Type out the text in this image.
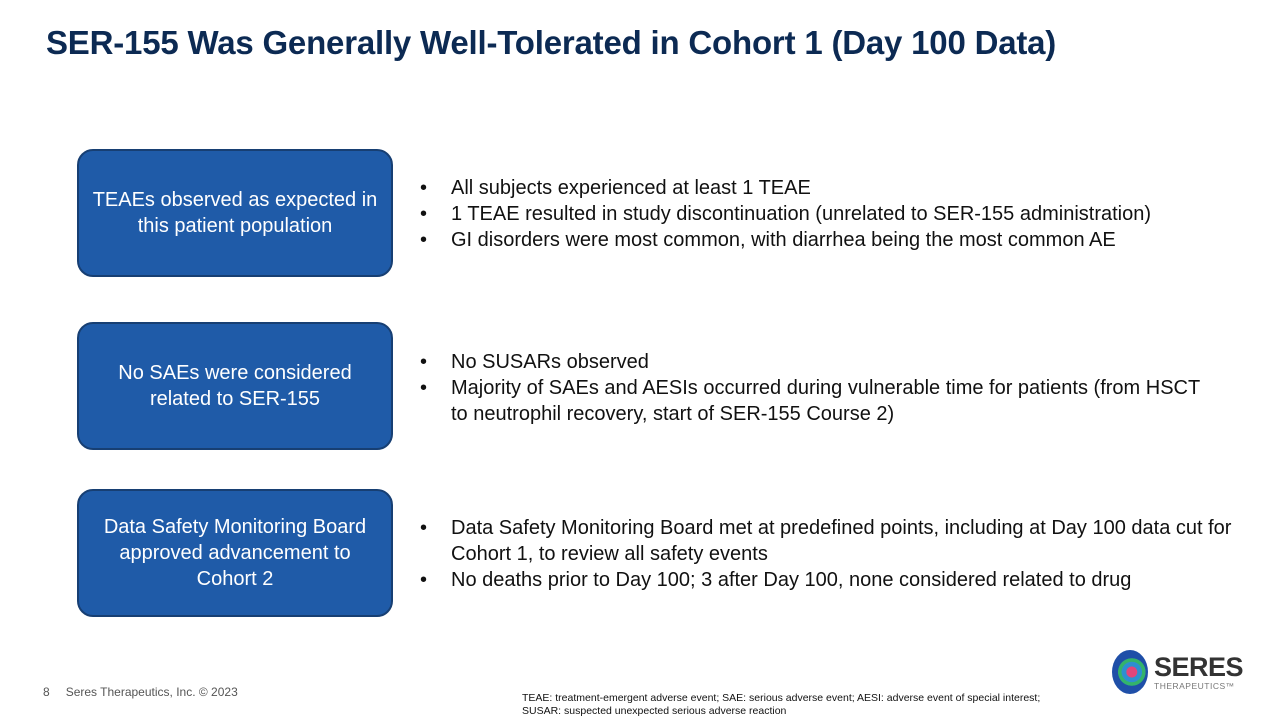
SER-155 Was Generally Well-Tolerated in Cohort 1 (Day 100 Data)
TEAEs observed as expected in this patient population
• All subjects experienced at least 1 TEAE
• 1 TEAE resulted in study discontinuation (unrelated to SER-155 administration)
• GI disorders were most common, with diarrhea being the most common AE
No SAEs were considered related to SER-155
• No SUSARs observed
• Majority of SAEs and AESIs occurred during vulnerable time for patients (from HSCT to neutrophil recovery, start of SER-155 Course 2)
Data Safety Monitoring Board approved advancement to Cohort 2
• Data Safety Monitoring Board met at predefined points, including at Day 100 data cut for Cohort 1, to review all safety events
• No deaths prior to Day 100; 3 after Day 100, none considered related to drug
8 Seres Therapeutics, Inc. © 2023	TEAE: treatment-emergent adverse event; SAE: serious adverse event; AESI: adverse event of special interest;
SUSAR: suspected unexpected serious adverse reaction
SERES
THERAPEUTICS™
